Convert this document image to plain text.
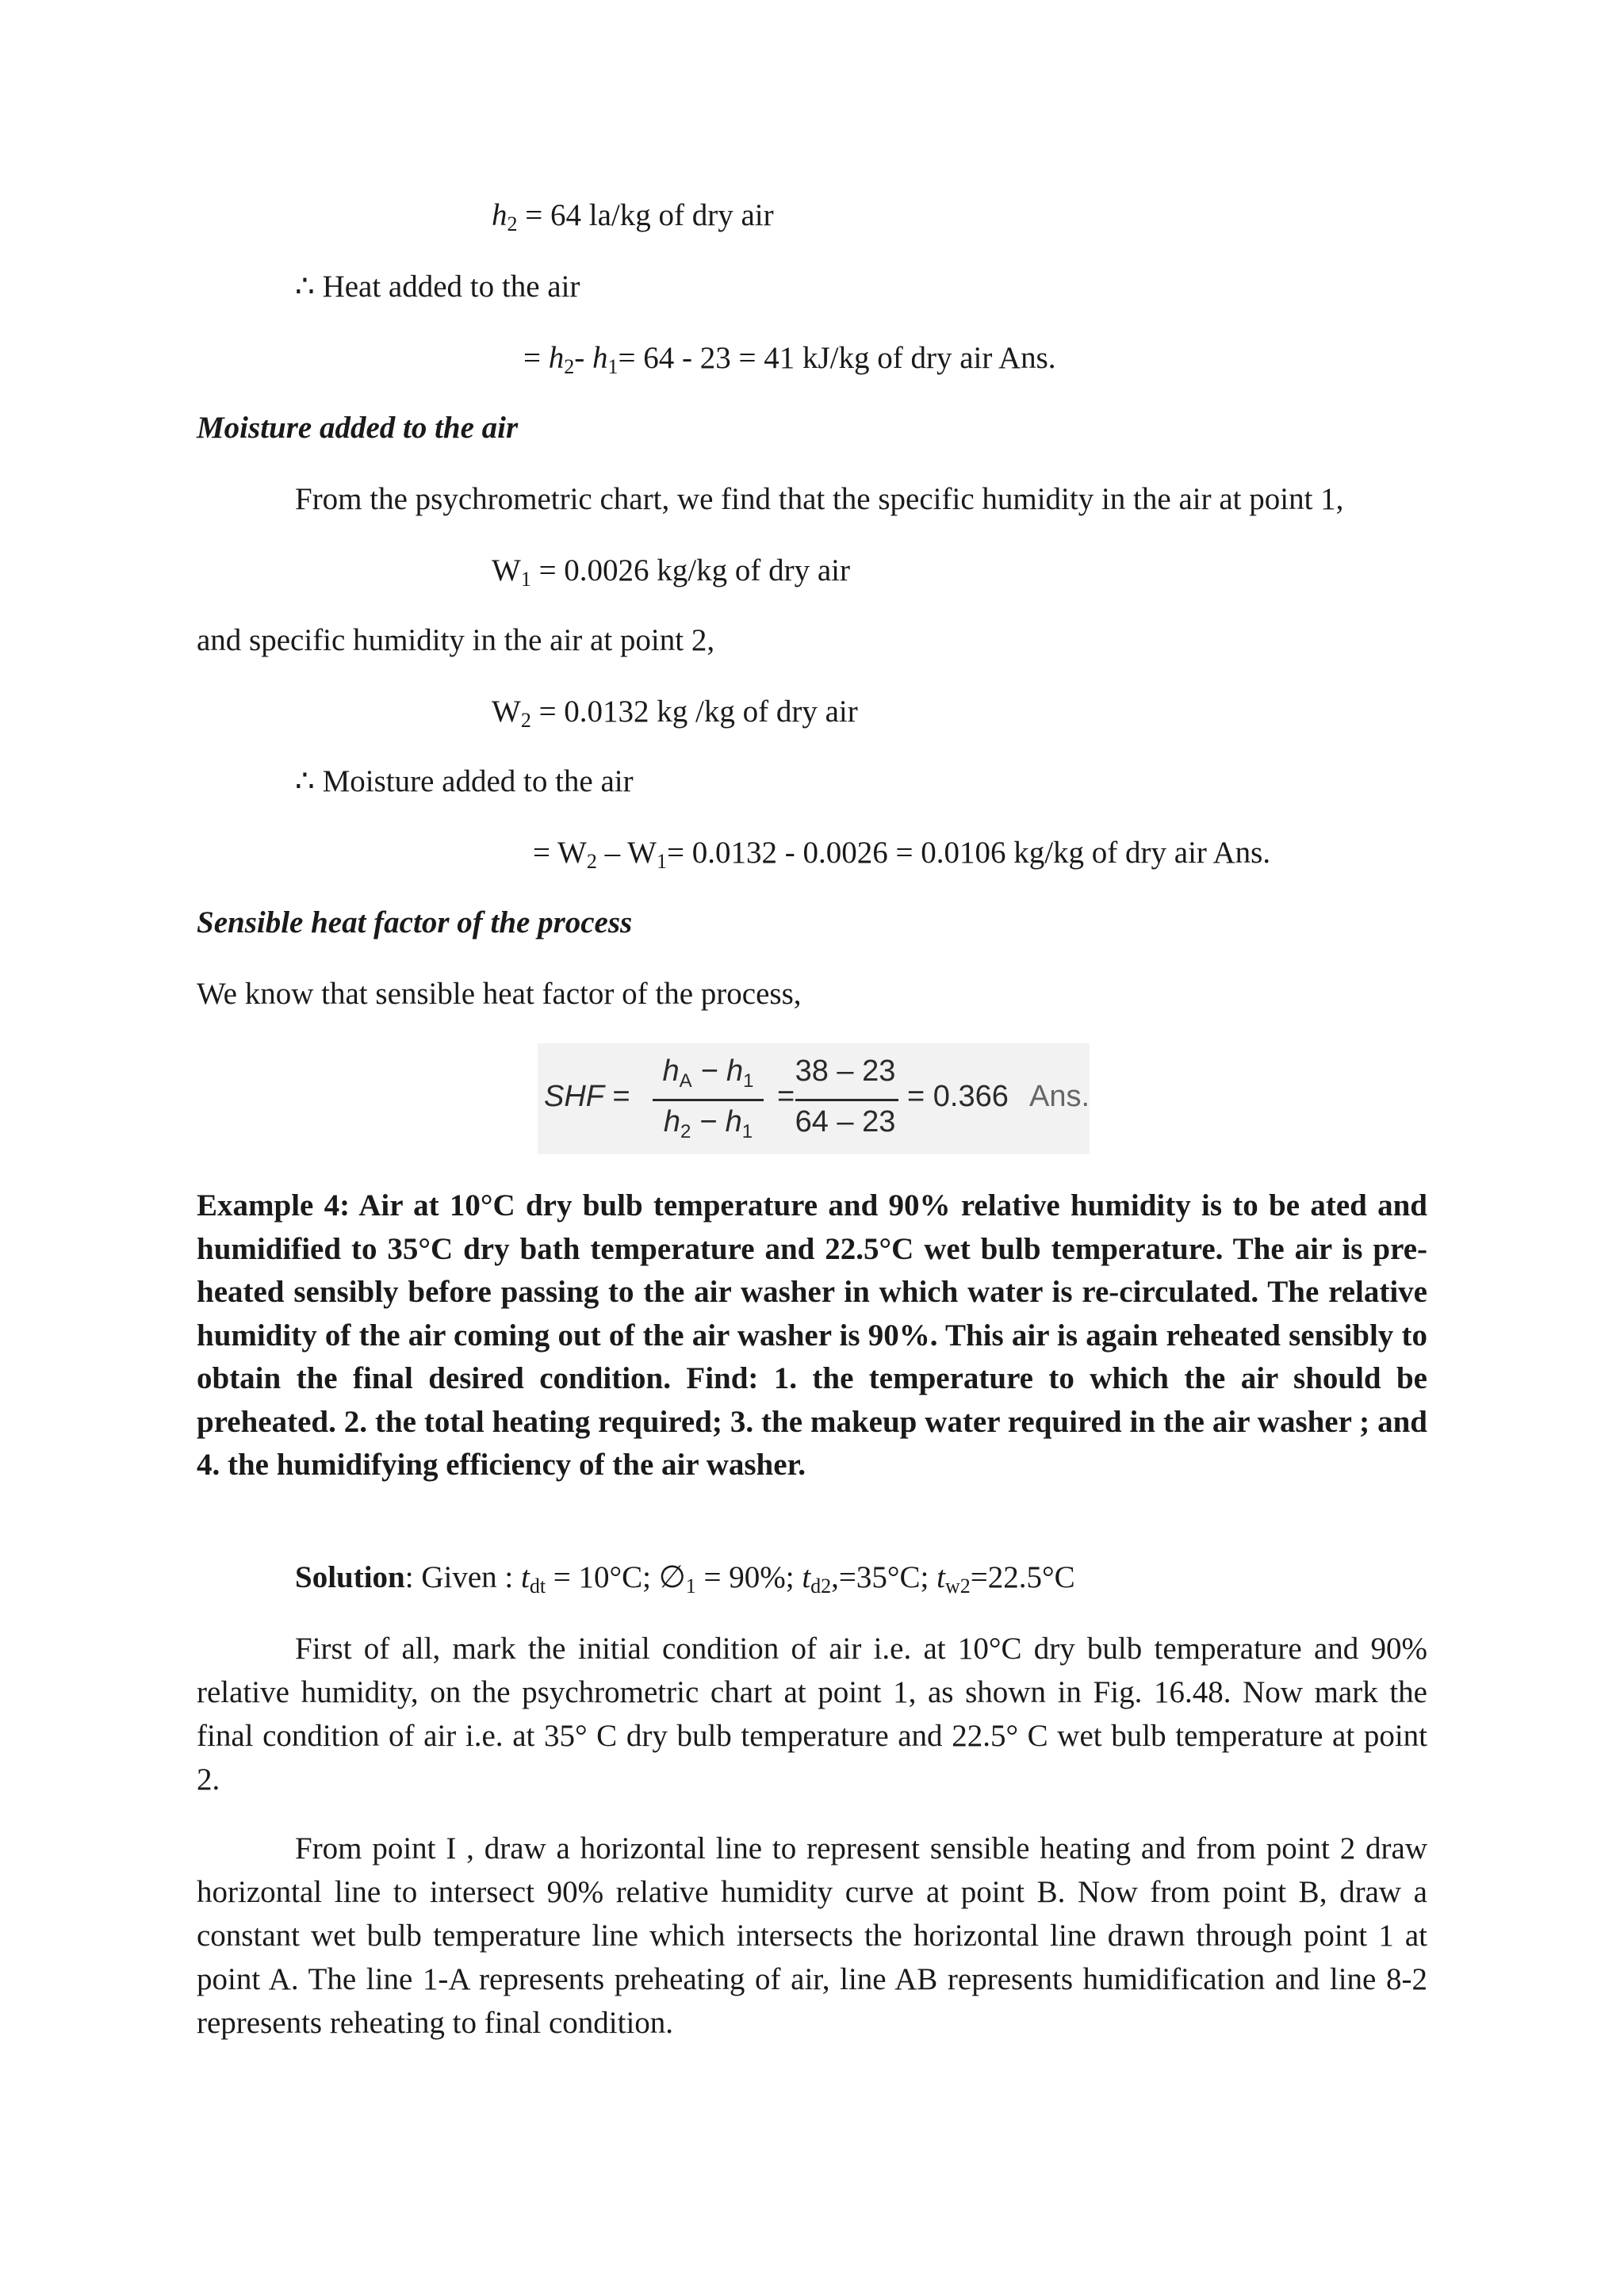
$h_2 = 64$ la/kg of dry air
∴ Heat added to the air
= $h_2-$ $h_1= 64 - 23 = 41$ kJ/kg of dry air Ans.
Moisture added to the air
From the psychrometric chart, we find that the specific humidity in the air at point 1,
$W_1 = 0.0026$ kg/kg of dry air
and specific humidity in the air at point 2,
$W_2 = 0.0132$ kg /kg of dry air
∴ Moisture added to the air
= $W_2 - W_1= 0.0132 - 0.0026 = 0.0106$ kg/kg of dry air Ans.
Sensible heat factor of the process
We know that sensible heat factor of the process,
SHF =
$h_A - h_1$
$h_2 - h_1$
=
38 – 23
64 – 23
= 0.366 Ans.
Example 4: Air at 10°C dry bulb temperature and 90% relative humidity is to be ated and humidified to 35°C dry bath temperature and 22.5°C wet bulb temperature. The air is pre-heated sensibly before passing to the air washer in which water is re-circulated. The relative humidity of the air coming out of the air washer is 90%. This air is again reheated sensibly to obtain the final desired condition. Find: 1. the temperature to which the air should be preheated. 2. the total heating required; 3. the makeup water required in the air washer ; and 4. the humidifying efficiency of the air washer.
Solution: Given : $t_{dt} = 10^\circ C$; $\emptyset_1 = 90\%$; $t_{d2},=35^\circ C$; $t_{w2}=22.5^\circ C$
First of all, mark the initial condition of air i.e. at 10°C dry bulb temperature and 90% relative humidity, on the psychrometric chart at point 1, as shown in Fig. 16.48. Now mark the final condition of air i.e. at 35° C dry bulb temperature and 22.5° C wet bulb temperature at point 2.
From point I , draw a horizontal line to represent sensible heating and from point 2 draw horizontal line to intersect 90% relative humidity curve at point B. Now from point B, draw a constant wet bulb temperature line which intersects the horizontal line drawn through point 1 at point A. The line 1-A represents preheating of air, line AB represents humidification and line 8-2 represents reheating to final condition.
